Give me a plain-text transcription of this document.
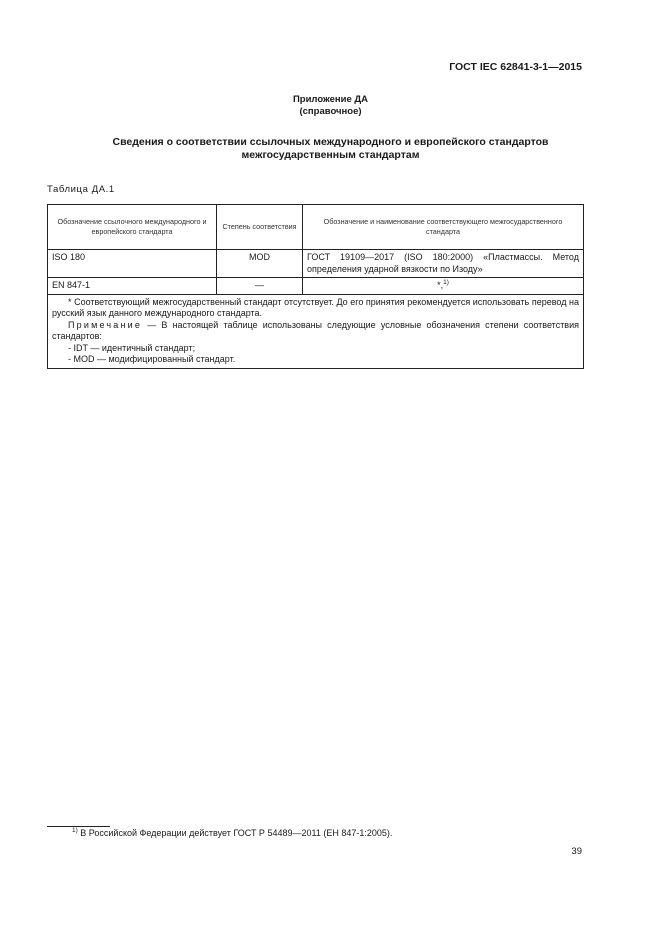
ГОСТ IEC 62841-3-1—2015
Приложение ДА
(справочное)
Сведения о соответствии ссылочных международного и европейского стандартов
межгосударственным стандартам
Таблица ДА.1
Обозначение ссылочного международного и европейского стандарта	Степень соответствия	Обозначение и наименование соответствующего межгосударственного стандарта
ISO 180	MOD	ГОСТ 19109—2017 (ISO 180:2000) «Пластмассы. Метод определения ударной вязкости по Изоду»
EN 847-1	—	*,$^{1)}$

* Соответствующий межгосударственный стандарт отсутствует. До его принятия рекомендуется использовать перевод на русский язык данного международного стандарта.
Примечание — В настоящей таблице использованы следующие условные обозначения степени соответствия стандартов:
- IDT — идентичный стандарт;
- MOD — модифицированный стандарт.		
$^{1)}$ В Российской Федерации действует ГОСТ Р 54489—2011 (ЕН 847-1:2005).
39
